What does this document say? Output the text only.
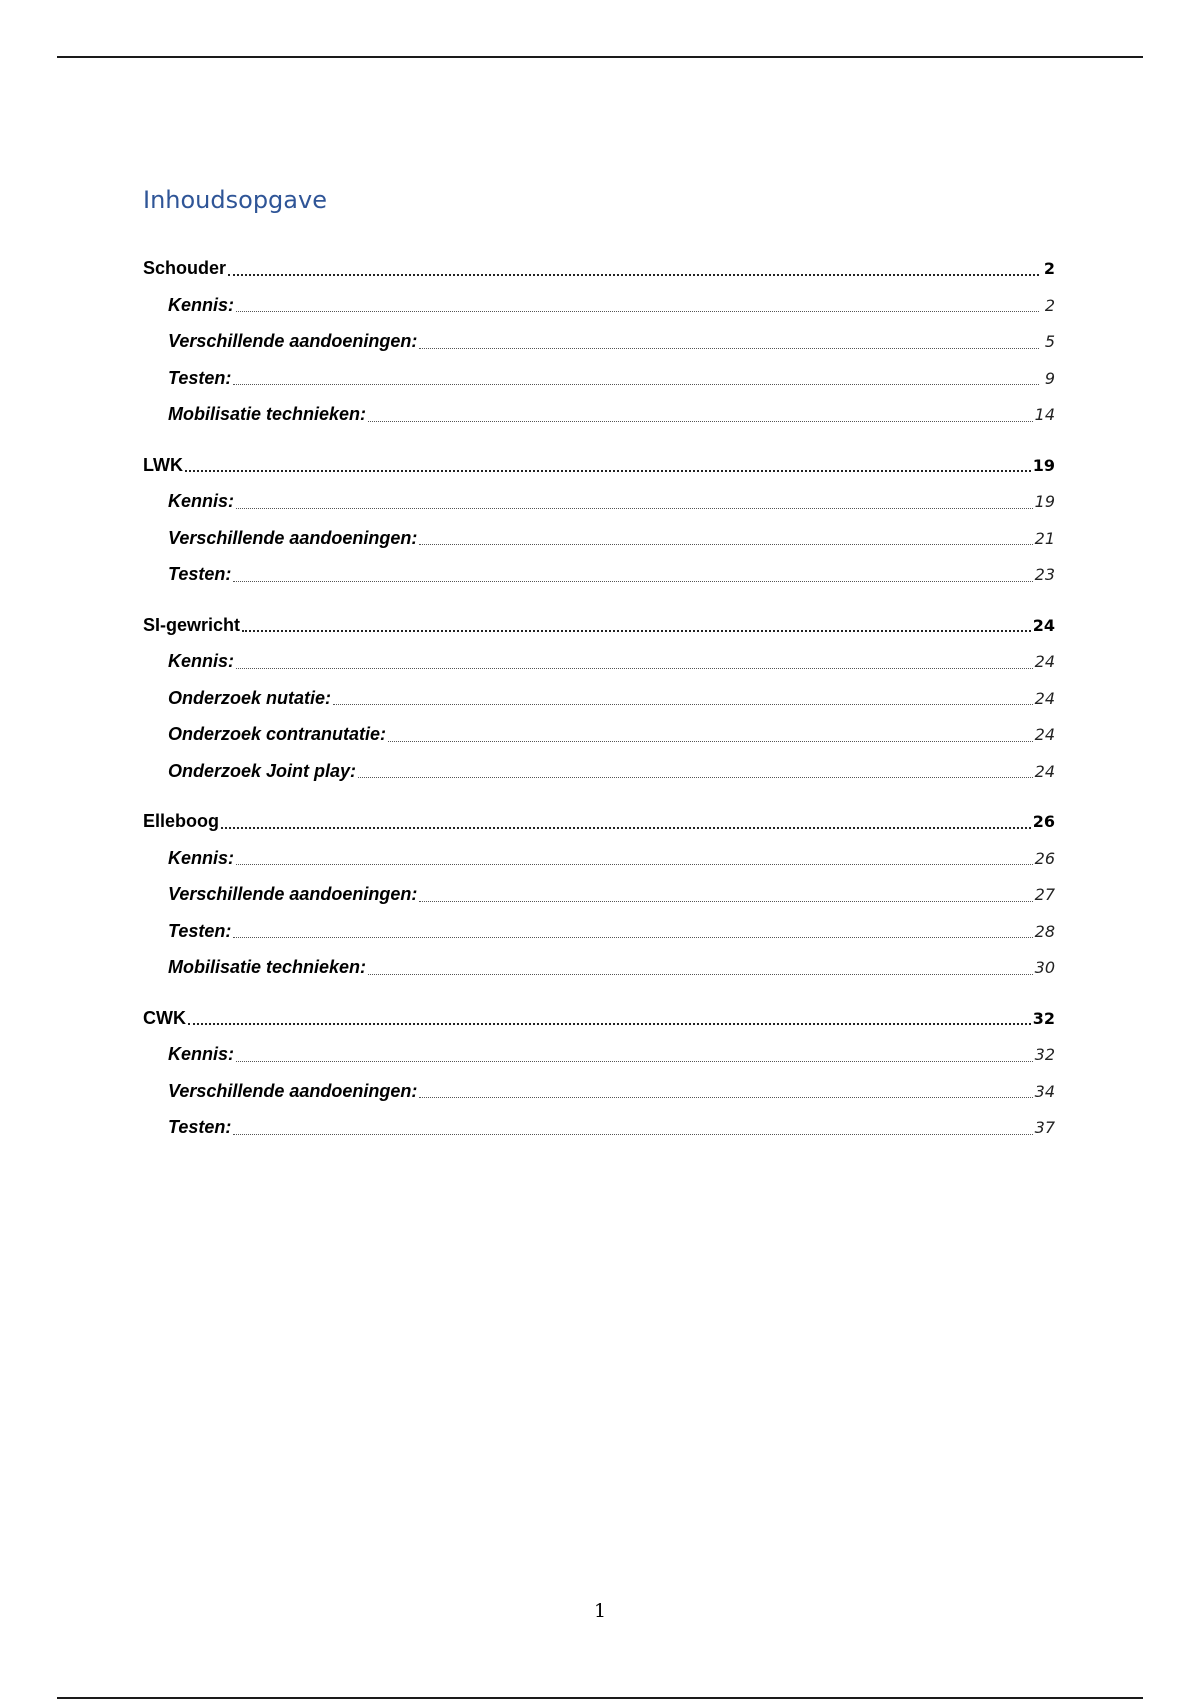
Inhoudsopgave
Schouder	2
Kennis:	2
Verschillende aandoeningen:	5
Testen:	9
Mobilisatie technieken:	14
LWK	19
Kennis:	19
Verschillende aandoeningen:	21
Testen:	23
SI-gewricht	24
Kennis:	24
Onderzoek nutatie:	24
Onderzoek contranutatie:	24
Onderzoek Joint play:	24
Elleboog	26
Kennis:	26
Verschillende aandoeningen:	27
Testen:	28
Mobilisatie technieken:	30
CWK	32
Kennis:	32
Verschillende aandoeningen:	34
Testen:	37
1
